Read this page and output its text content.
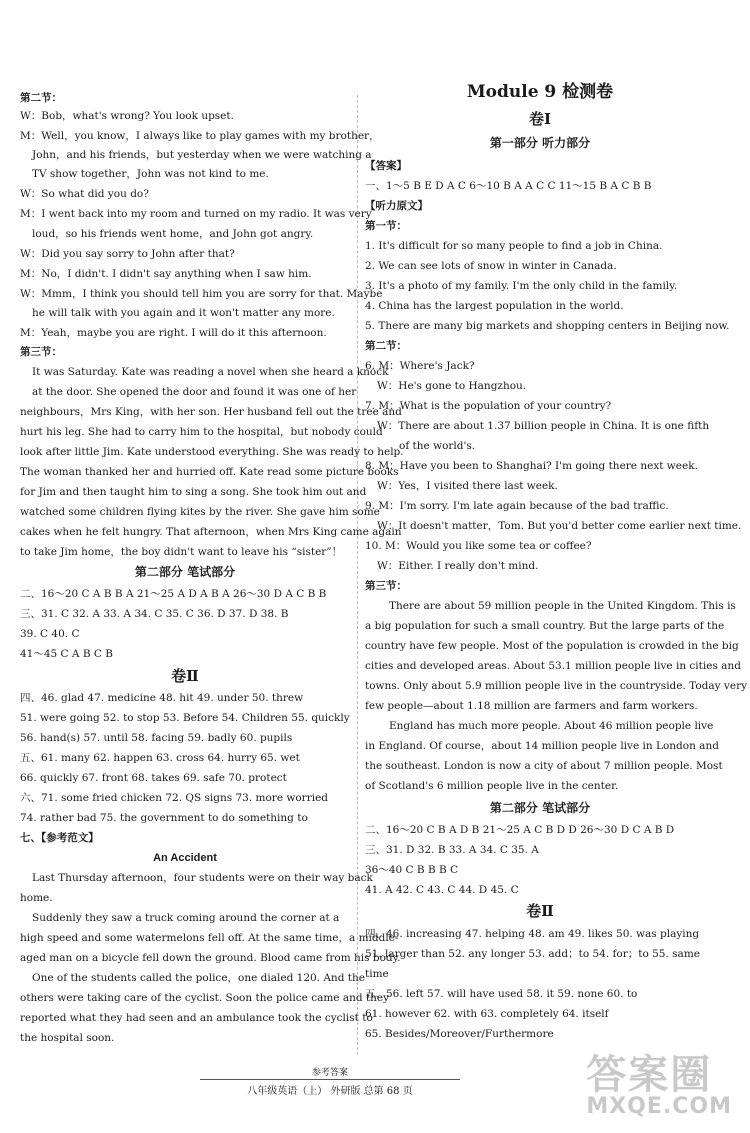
第二节：
W：Bob，what's wrong? You look upset.
M：Well，you know，I always like to play games with my brother，
John，and his friends，but yesterday when we were watching a
TV show together，John was not kind to me.
W：So what did you do?
M：I went back into my room and turned on my radio. It was very
loud，so his friends went home，and John got angry.
W：Did you say sorry to John after that?
M：No，I didn't. I didn't say anything when I saw him.
W：Mmm，I think you should tell him you are sorry for that. Maybe
he will talk with you again and it won't matter any more.
M：Yeah，maybe you are right. I will do it this afternoon.
第三节：
It was Saturday. Kate was reading a novel when she heard a knock
at the door. She opened the door and found it was one of her
neighbours，Mrs King，with her son. Her husband fell out the tree and
hurt his leg. She had to carry him to the hospital，but nobody could
look after little Jim. Kate understood everything. She was ready to help.
The woman thanked her and hurried off. Kate read some picture books
for Jim and then taught him to sing a song. She took him out and
watched some children flying kites by the river. She gave him some
cakes when he felt hungry. That afternoon，when Mrs King came again
to take Jim home，the boy didn't want to leave his “sister”！
第二部分 笔试部分
二、16～20 C A B B A 21～25 A D A B A 26～30 D A C B B
三、31. C 32. A 33. A 34. C 35. C 36. D 37. D 38. B
39. C 40. C
41～45 C A B C B
卷Ⅱ
四、46. glad 47. medicine 48. hit 49. under 50. threw
51. were going 52. to stop 53. Before 54. Children 55. quickly
56. hand(s) 57. until 58. facing 59. badly 60. pupils
五、61. many 62. happen 63. cross 64. hurry 65. wet
66. quickly 67. front 68. takes 69. safe 70. protect
六、71. some fried chicken 72. QS signs 73. more worried
74. rather bad 75. the government to do something to
七、【参考范文】
An Accident
Last Thursday afternoon，four students were on their way back
home.
Suddenly they saw a truck coming around the corner at a
high speed and some watermelons fell off. At the same time，a middle-
aged man on a bicycle fell down the ground. Blood came from his body.
One of the students called the police，one dialed 120. And the
others were taking care of the cyclist. Soon the police came and they
reported what they had seen and an ambulance took the cyclist to
the hospital soon.
Module 9 检测卷
卷Ⅰ
第一部分 听力部分
【答案】
一、1～5 B E D A C 6～10 B A A C C 11～15 B A C B B
【听力原文】
第一节：
1. It's difficult for so many people to find a job in China.
2. We can see lots of snow in winter in Canada.
3. It's a photo of my family. I'm the only child in the family.
4. China has the largest population in the world.
5. There are many big markets and shopping centers in Beijing now.
第二节：
6. M：Where's Jack?
W：He's gone to Hangzhou.
7. M：What is the population of your country?
W：There are about 1.37 billion people in China. It is one fifth
of the world's.
8. M：Have you been to Shanghai? I'm going there next week.
W：Yes，I visited there last week.
9. M：I'm sorry. I'm late again because of the bad traffic.
W：It doesn't matter，Tom. But you'd better come earlier next time.
10. M：Would you like some tea or coffee?
W：Either. I really don't mind.
第三节：
There are about 59 million people in the United Kingdom. This is
a big population for such a small country. But the large parts of the
country have few people. Most of the population is crowded in the big
cities and developed areas. About 53.1 million people live in cities and
towns. Only about 5.9 million people live in the countryside. Today very
few people—about 1.18 million are farmers and farm workers.
England has much more people. About 46 million people live
in England. Of course，about 14 million people live in London and
the southeast. London is now a city of about 7 million people. Most
of Scotland's 6 million people live in the center.
第二部分 笔试部分
二、16～20 C B A D B 21～25 A C B D D 26～30 D C A B D
三、31. D 32. B 33. A 34. C 35. A
36～40 C B B B C
41. A 42. C 43. C 44. D 45. C
卷Ⅱ
四、46. increasing 47. helping 48. am 49. likes 50. was playing
51. larger than 52. any longer 53. add；to 54. for；to 55. same
time
五、56. left 57. will have used 58. it 59. none 60. to
61. however 62. with 63. completely 64. itself
65. Besides/Moreover/Furthermore
参考答案
八年级英语（上） 外研版 总第 68 页	答案圈
MXQE.COM
